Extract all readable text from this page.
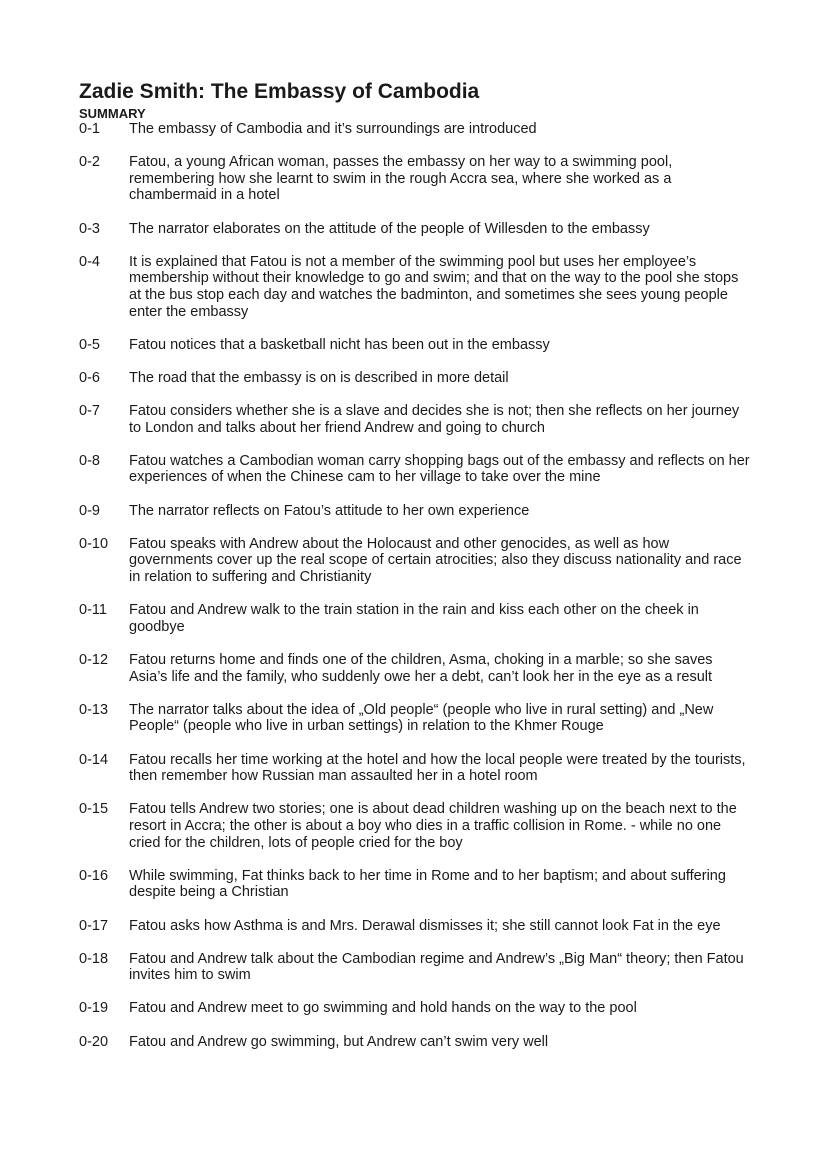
Zadie Smith: The Embassy of Cambodia
SUMMARY
0-1	The embassy of Cambodia and it’s surroundings are introduced
0-2	Fatou, a young African woman, passes the embassy on her way to a swimming pool, remembering how she learnt to swim in the rough Accra sea, where she worked as a chambermaid in a hotel
0-3	The narrator elaborates on the attitude of the people of Willesden to the embassy
0-4	It is explained that Fatou is not a member of the swimming pool but uses her employee’s membership without their knowledge to go and swim; and that on the way to the pool she stops at the bus stop each day and watches the badminton, and sometimes she sees young people enter the embassy
0-5	Fatou notices that a basketball nicht has been out in the embassy
0-6	The road that the embassy is on is described in more detail
0-7	Fatou considers whether she is a slave and decides she is not; then she reflects on her journey to London and talks about her friend Andrew and going to church
0-8	Fatou watches a Cambodian woman carry shopping bags out of the embassy and reflects on her experiences of when the Chinese cam to her village to take over the mine
0-9	The narrator reflects on Fatou’s attitude to her own experience
0-10	Fatou speaks with Andrew about the Holocaust and other genocides, as well as how governments cover up the real scope of certain atrocities; also they discuss nationality and race in relation to suffering and Christianity
0-11	Fatou and Andrew walk to the train station in the rain and kiss each other on the cheek in goodbye
0-12	Fatou returns home and finds one of the children, Asma, choking in a marble; so she saves Asia’s life and the family, who suddenly owe her a debt, can’t look her in the eye as a result
0-13	The narrator talks about the idea of „Old people“ (people who live in rural setting) and „New People“ (people who live in urban settings) in relation to the Khmer Rouge
0-14	Fatou recalls her time working at the hotel and how the local people were treated by the tourists, then remember how Russian man assaulted her in a hotel room
0-15	Fatou tells Andrew two stories; one is about dead children washing up on the beach next to the resort in Accra; the other is about a boy who dies in a traffic collision in Rome. - while no one cried for the children, lots of people cried for the boy
0-16	While swimming, Fat thinks back to her time in Rome and to her baptism; and about suffering despite being a Christian
0-17	Fatou asks how Asthma is and Mrs. Derawal dismisses it; she still cannot look Fat in the eye
0-18	Fatou and Andrew talk about the Cambodian regime and Andrew’s „Big Man“ theory; then Fatou invites him to swim
0-19	Fatou and Andrew meet to go swimming and hold hands on the way to the pool
0-20	Fatou and Andrew go swimming, but Andrew can’t swim very well
